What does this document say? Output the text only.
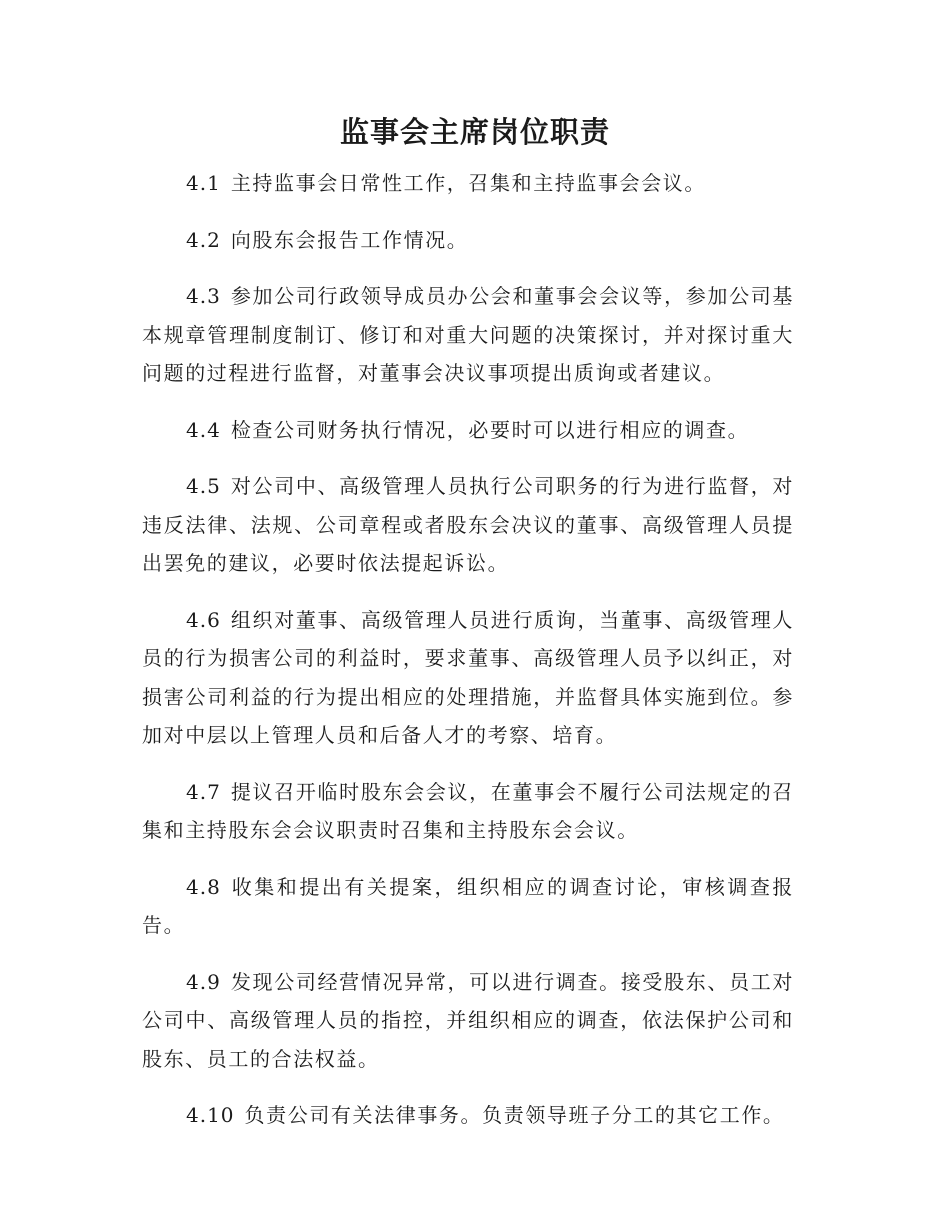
监事会主席岗位职责

4.1 主持监事会日常性工作，召集和主持监事会会议。

4.2 向股东会报告工作情况。

4.3 参加公司行政领导成员办公会和董事会会议等，参加公司基本规章管理制度制订、修订和对重大问题的决策探讨，并对探讨重大问题的过程进行监督，对董事会决议事项提出质询或者建议。

4.4 检查公司财务执行情况，必要时可以进行相应的调查。

4.5 对公司中、高级管理人员执行公司职务的行为进行监督，对违反法律、法规、公司章程或者股东会决议的董事、高级管理人员提出罢免的建议，必要时依法提起诉讼。

4.6 组织对董事、高级管理人员进行质询，当董事、高级管理人员的行为损害公司的利益时，要求董事、高级管理人员予以纠正，对损害公司利益的行为提出相应的处理措施，并监督具体实施到位。参加对中层以上管理人员和后备人才的考察、培育。

4.7 提议召开临时股东会会议，在董事会不履行公司法规定的召集和主持股东会会议职责时召集和主持股东会会议。

4.8 收集和提出有关提案，组织相应的调查讨论，审核调查报告。

4.9 发现公司经营情况异常，可以进行调查。接受股东、员工对公司中、高级管理人员的指控，并组织相应的调查，依法保护公司和股东、员工的合法权益。

4.10 负责公司有关法律事务。负责领导班子分工的其它工作。
